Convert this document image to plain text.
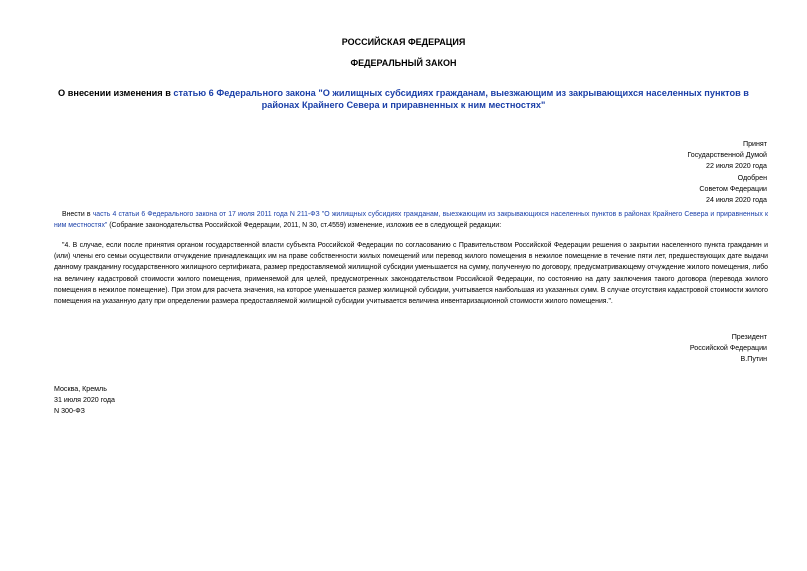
РОССИЙСКАЯ ФЕДЕРАЦИЯ
ФЕДЕРАЛЬНЫЙ ЗАКОН
О внесении изменения в статью 6 Федерального закона "О жилищных субсидиях гражданам, выезжающим из закрывающихся населенных пунктов в районах Крайнего Севера и приравненных к ним местностях"
Принят
Государственной Думой
22 июля 2020 года
Одобрен
Советом Федерации
24 июля 2020 года
Внести в часть 4 статьи 6 Федерального закона от 17 июля 2011 года N 211-ФЗ "О жилищных субсидиях гражданам, выезжающим из закрывающихся населенных пунктов в районах Крайнего Севера и приравненных к ним местностях" (Собрание законодательства Российской Федерации, 2011, N 30, ст.4559) изменение, изложив ее в следующей редакции:
"4. В случае, если после принятия органом государственной власти субъекта Российской Федерации по согласованию с Правительством Российской Федерации решения о закрытии населенного пункта гражданин и (или) члены его семьи осуществили отчуждение принадлежащих им на праве собственности жилых помещений или перевод жилого помещения в нежилое помещение в течение пяти лет, предшествующих дате выдачи данному гражданину государственного жилищного сертификата, размер предоставляемой жилищной субсидии уменьшается на сумму, полученную по договору, предусматривающему отчуждение жилого помещения, либо на величину кадастровой стоимости жилого помещения, применяемой для целей, предусмотренных законодательством Российской Федерации, по состоянию на дату заключения такого договора (перевода жилого помещения в нежилое помещение). При этом для расчета значения, на которое уменьшается размер жилищной субсидии, учитывается наибольшая из указанных сумм. В случае отсутствия кадастровой стоимости жилого помещения на указанную дату при определении размера предоставляемой жилищной субсидии учитывается величина инвентаризационной стоимости жилого помещения.".
Президент
Российской Федерации
В.Путин
Москва, Кремль
31 июля 2020 года
N 300-ФЗ
